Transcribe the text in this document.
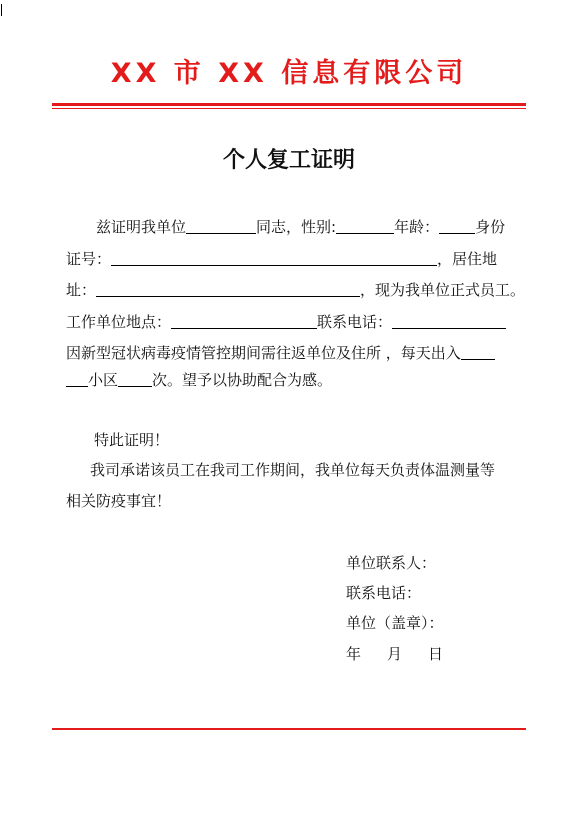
XX 市 XX 信息有限公司
个人复工证明
兹证明我单位	同志，性别:	年龄： 身份
证号：	，居住地
址：	，现为我单位正式员工。
工作单位地点：	联系电话：
因新型冠状病毒疫情管控期间需往返单位及住所 ，每天出入
小区 次。望予以协助配合为感。
特此证明！
我司承诺该员工在我司工作期间，我单位每天负责体温测量等
相关防疫事宜！
单位联系人：
联系电话：
单位（盖章）：
年 月 日
